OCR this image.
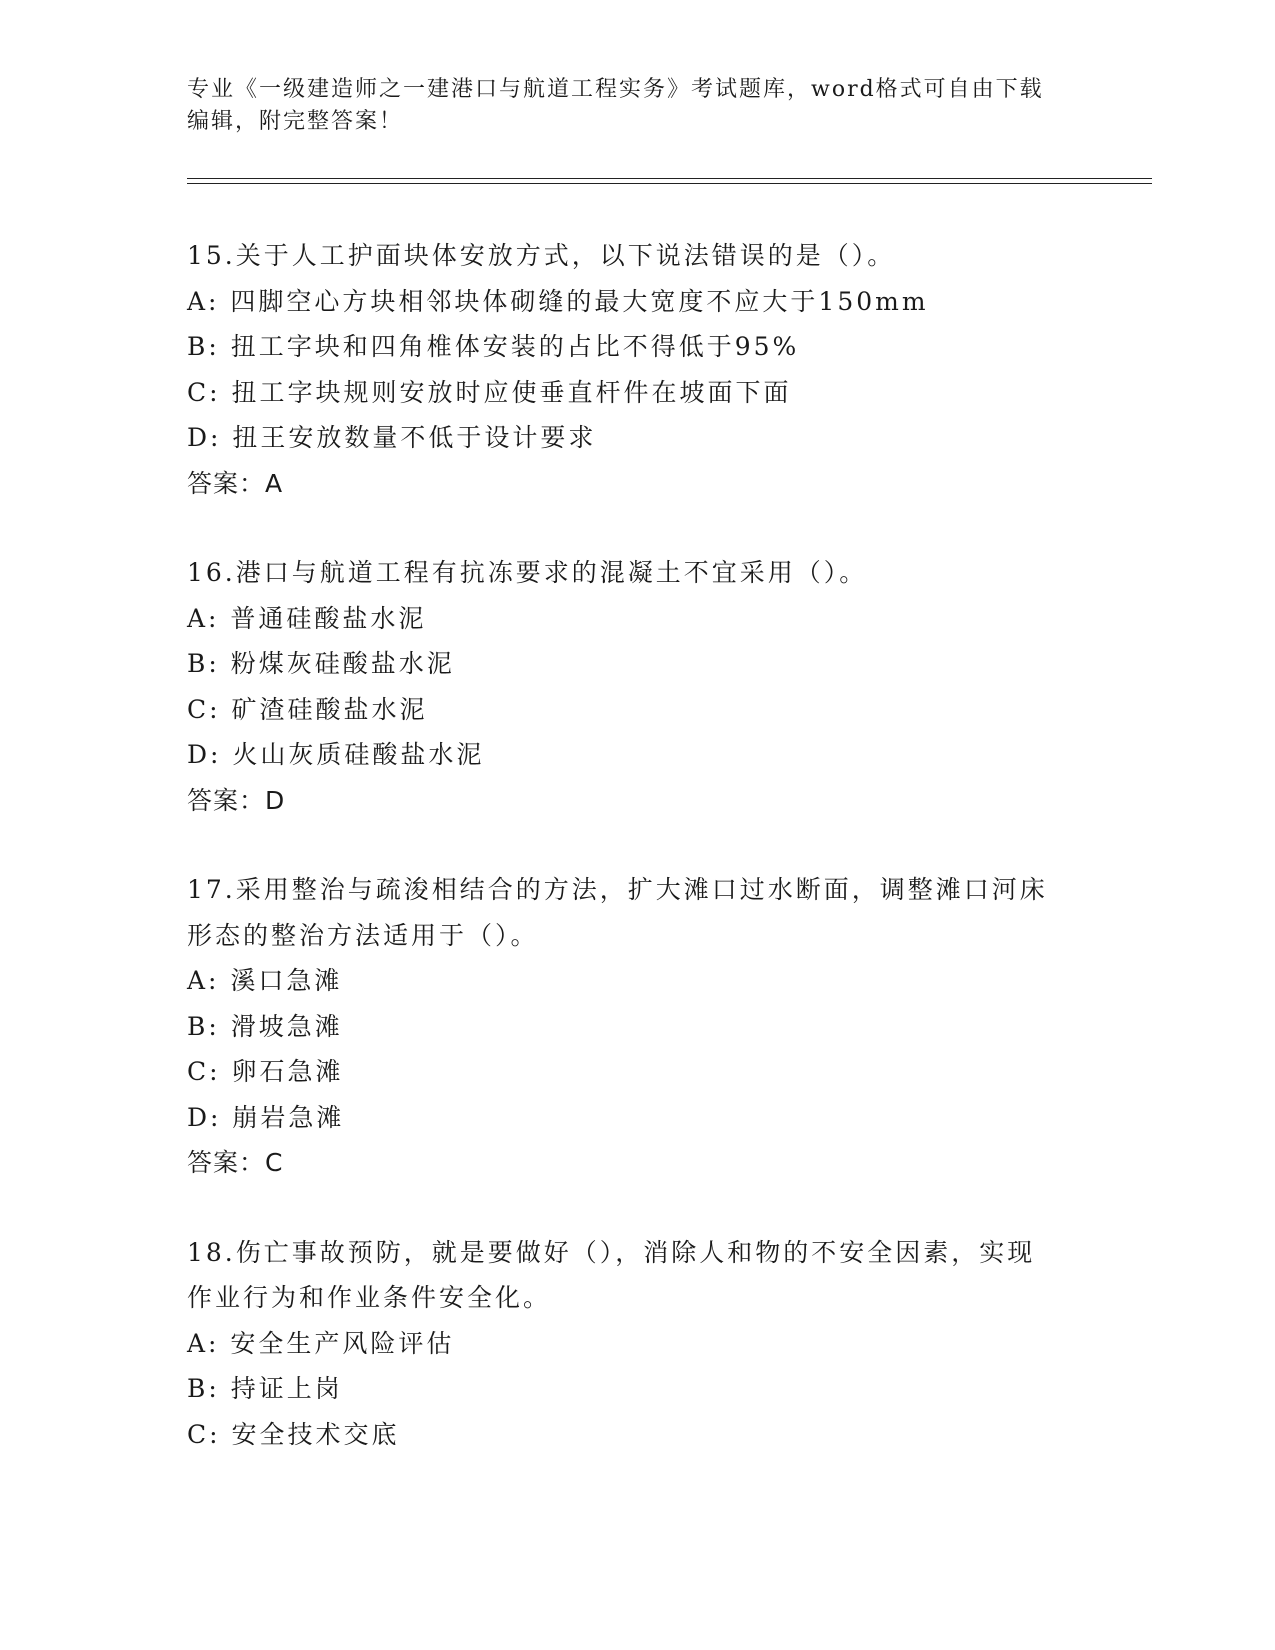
专业《一级建造师之一建港口与航道工程实务》考试题库，word格式可自由下载
编辑，附完整答案！

15.关于人工护面块体安放方式，以下说法错误的是（）。

A: 四脚空心方块相邻块体砌缝的最大宽度不应大于150mm

B: 扭工字块和四角椎体安装的占比不得低于95%

C: 扭工字块规则安放时应使垂直杆件在坡面下面

D: 扭王安放数量不低于设计要求

答案：A

16.港口与航道工程有抗冻要求的混凝土不宜采用（）。

A: 普通硅酸盐水泥

B: 粉煤灰硅酸盐水泥

C: 矿渣硅酸盐水泥

D: 火山灰质硅酸盐水泥

答案：D

17.采用整治与疏浚相结合的方法，扩大滩口过水断面，调整滩口河床

形态的整治方法适用于（）。

A: 溪口急滩

B: 滑坡急滩

C: 卵石急滩

D: 崩岩急滩

答案：C

18.伤亡事故预防，就是要做好（），消除人和物的不安全因素，实现

作业行为和作业条件安全化。

A: 安全生产风险评估

B: 持证上岗

C: 安全技术交底
